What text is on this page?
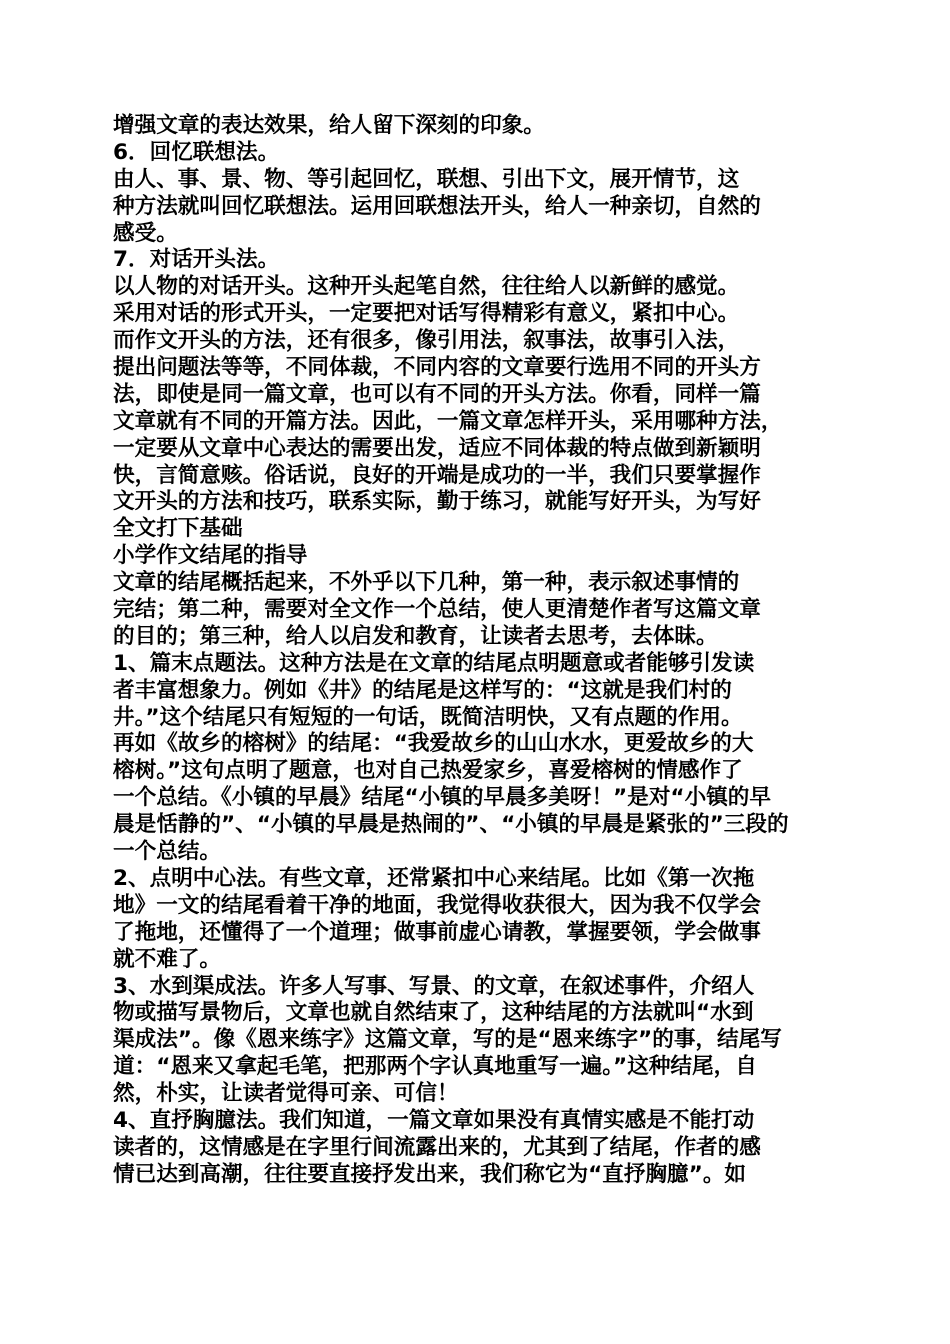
增强文章的表达效果，给人留下深刻的印象。
6．回忆联想法。
由人、事、景、物、等引起回忆，联想、引出下文，展开情节，这
种方法就叫回忆联想法。运用回联想法开头，给人一种亲切，自然的
感受。
7．对话开头法。
以人物的对话开头。这种开头起笔自然，往往给人以新鲜的感觉。
采用对话的形式开头，一定要把对话写得精彩有意义，紧扣中心。
而作文开头的方法，还有很多，像引用法，叙事法，故事引入法，
提出问题法等等，不同体裁，不同内容的文章要行选用不同的开头方
法，即使是同一篇文章，也可以有不同的开头方法。你看，同样一篇
文章就有不同的开篇方法。因此，一篇文章怎样开头，采用哪种方法，
一定要从文章中心表达的需要出发，适应不同体裁的特点做到新颖明
快，言简意赅。俗话说，良好的开端是成功的一半，我们只要掌握作
文开头的方法和技巧，联系实际，勤于练习，就能写好开头，为写好
全文打下基础
小学作文结尾的指导
文章的结尾概括起来，不外乎以下几种，第一种，表示叙述事情的
完结；第二种，需要对全文作一个总结，使人更清楚作者写这篇文章
的目的；第三种，给人以启发和教育，让读者去思考，去体昧。
1、篇末点题法。这种方法是在文章的结尾点明题意或者能够引发读
者丰富想象力。例如《井》的结尾是这样写的：“这就是我们村的
井。”这个结尾只有短短的一句话，既简洁明快，又有点题的作用。
再如《故乡的榕树》的结尾：“我爱故乡的山山水水，更爱故乡的大
榕树。”这句点明了题意，也对自己热爱家乡，喜爱榕树的情感作了
一个总结。《小镇的早晨》结尾“小镇的早晨多美呀！”是对“小镇的早
晨是恬静的”、“小镇的早晨是热闹的”、“小镇的早晨是紧张的”三段的
一个总结。
2、点明中心法。有些文章，还常紧扣中心来结尾。比如《第一次拖
地》一文的结尾看着干净的地面，我觉得收获很大，因为我不仅学会
了拖地，还懂得了一个道理；做事前虚心请教，掌握要领，学会做事
就不难了。
3、水到渠成法。许多人写事、写景、的文章，在叙述事件，介绍人
物或描写景物后，文章也就自然结束了，这种结尾的方法就叫“水到
渠成法”。像《恩来练字》这篇文章，写的是“恩来练字”的事，结尾写
道：“恩来又拿起毛笔，把那两个字认真地重写一遍。”这种结尾，自
然，朴实，让读者觉得可亲、可信！
4、直抒胸臆法。我们知道，一篇文章如果没有真情实感是不能打动
读者的，这情感是在字里行间流露出来的，尤其到了结尾，作者的感
情已达到高潮，往往要直接抒发出来，我们称它为“直抒胸臆”。如
